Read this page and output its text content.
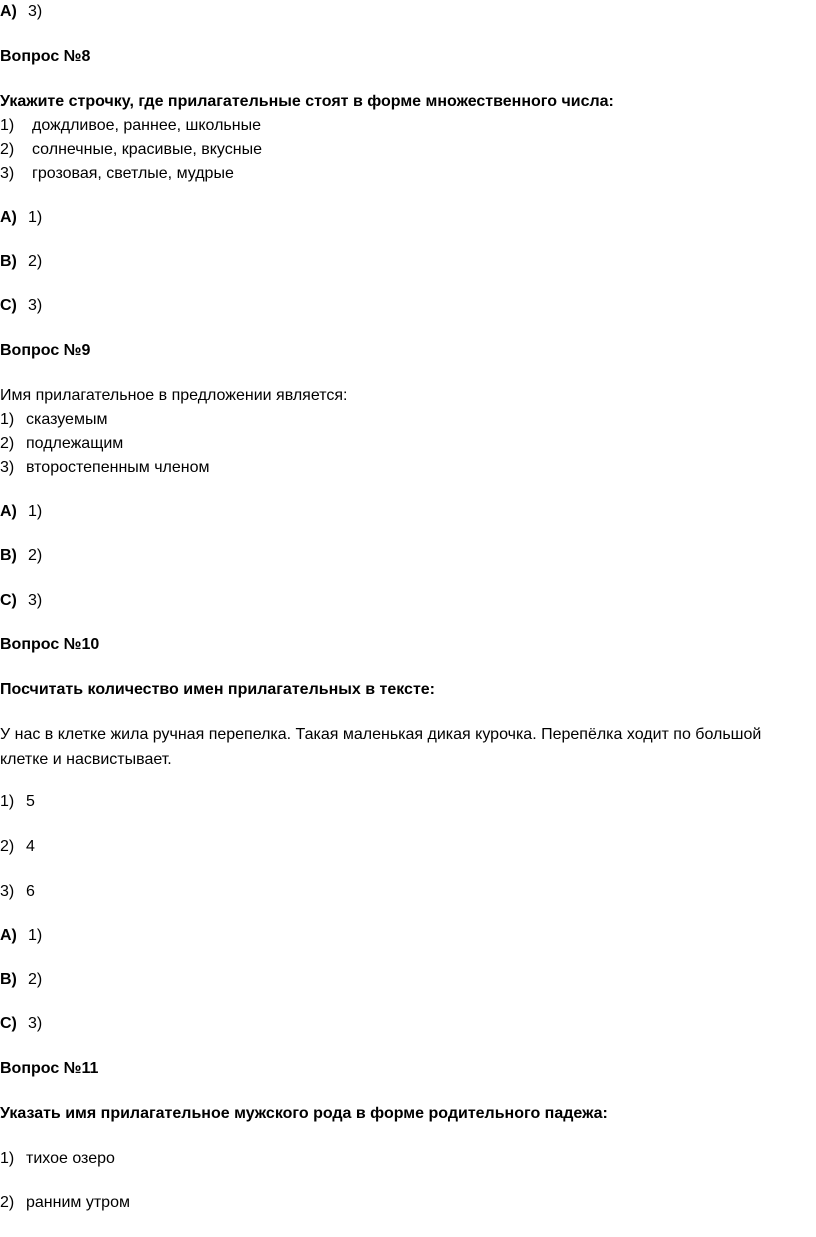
A) 3)
Вопрос №8
Укажите строчку, где прилагательные стоят в форме множественного числа:
1) дождливое, раннее, школьные
2) солнечные, красивые, вкусные
3) грозовая, светлые, мудрые
A) 1)
B) 2)
C) 3)
Вопрос №9
Имя прилагательное в предложении является:
1) сказуемым
2) подлежащим
3) второстепенным членом
A) 1)
B) 2)
C) 3)
Вопрос №10
Посчитать количество имен прилагательных в тексте:
У нас в клетке жила ручная перепелка. Такая маленькая дикая курочка. Перепёлка ходит по большой клетке и насвистывает.
1) 5
2) 4
3) 6
A) 1)
B) 2)
C) 3)
Вопрос №11
Указать имя прилагательное мужского рода в форме родительного падежа:
1) тихое озеро
2) ранним утром
